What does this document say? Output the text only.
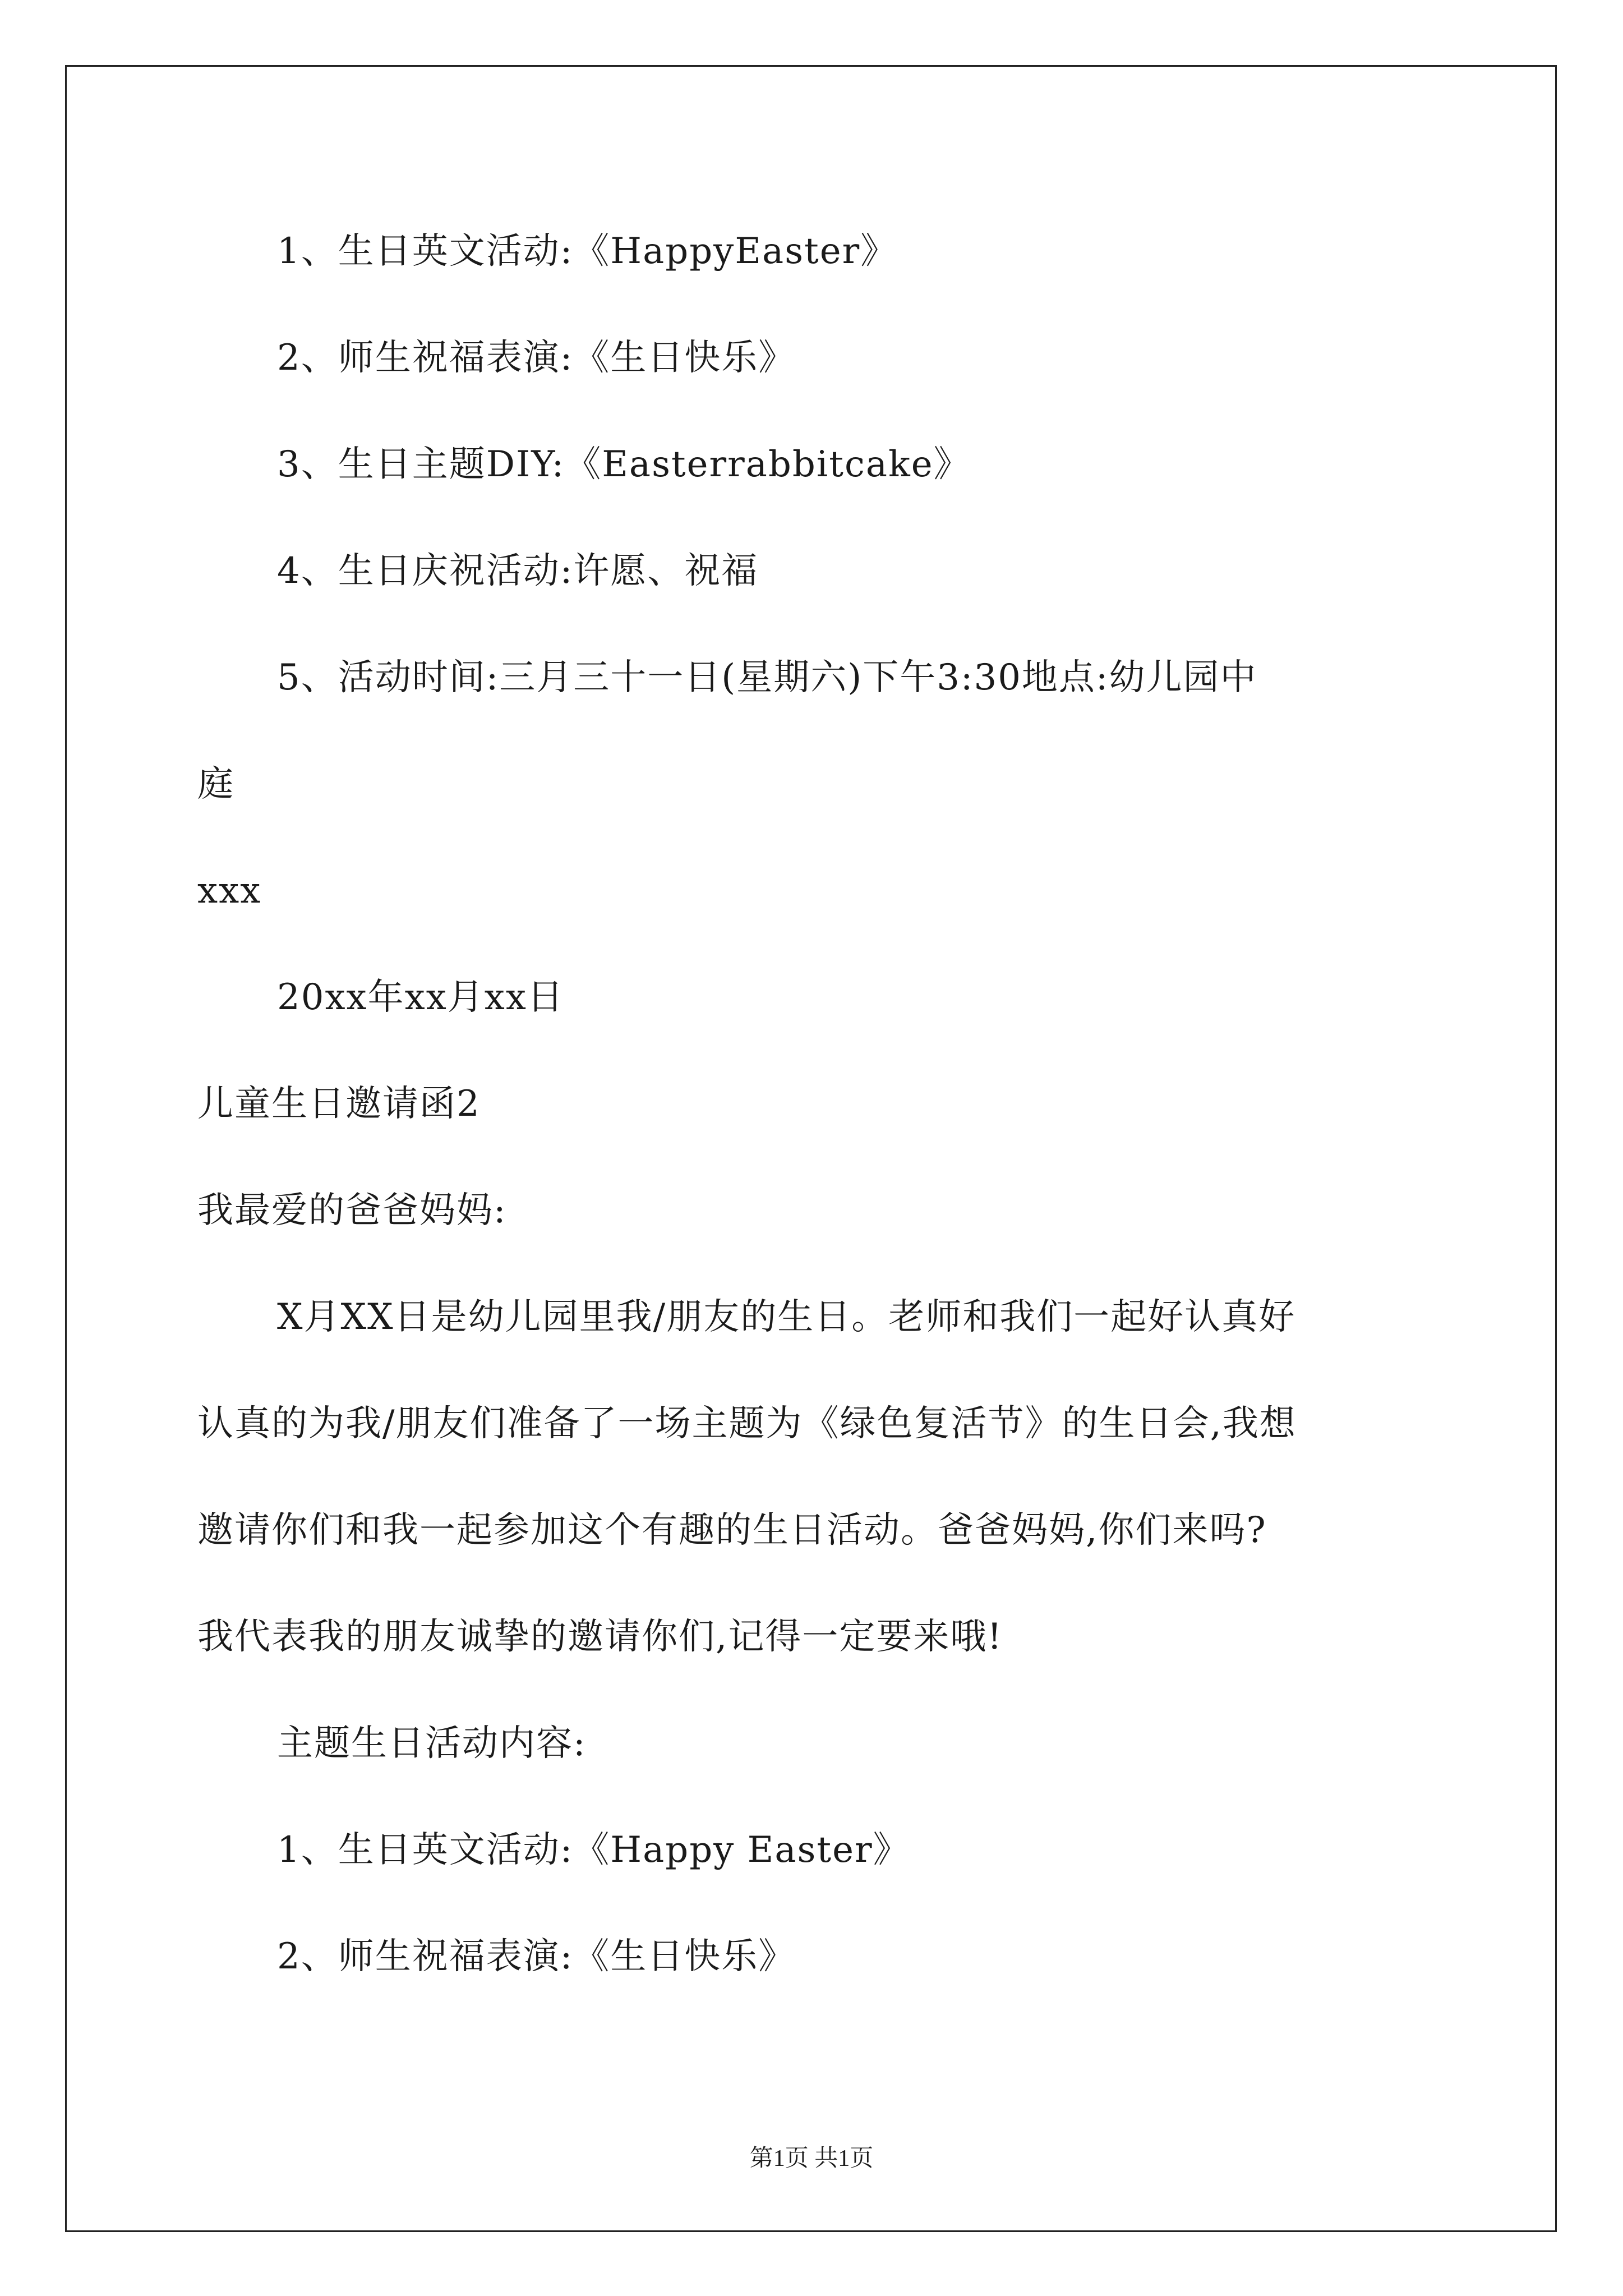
1、生日英文活动:《HappyEaster》
2、师生祝福表演:《生日快乐》
3、生日主题DIY:《Easterrabbitcake》
4、生日庆祝活动:许愿、祝福
5、活动时间:三月三十一日(星期六)下午3:30地点:幼儿园中
庭
xxx
20xx年xx月xx日
儿童生日邀请函2
我最爱的爸爸妈妈:
X月XX日是幼儿园里我/朋友的生日。老师和我们一起好认真好
认真的为我/朋友们准备了一场主题为《绿色复活节》的生日会,我想
邀请你们和我一起参加这个有趣的生日活动。爸爸妈妈,你们来吗?
我代表我的朋友诚挚的邀请你们,记得一定要来哦!
主题生日活动内容:
1、生日英文活动:《Happy Easter》
2、师生祝福表演:《生日快乐》
第1页 共1页
